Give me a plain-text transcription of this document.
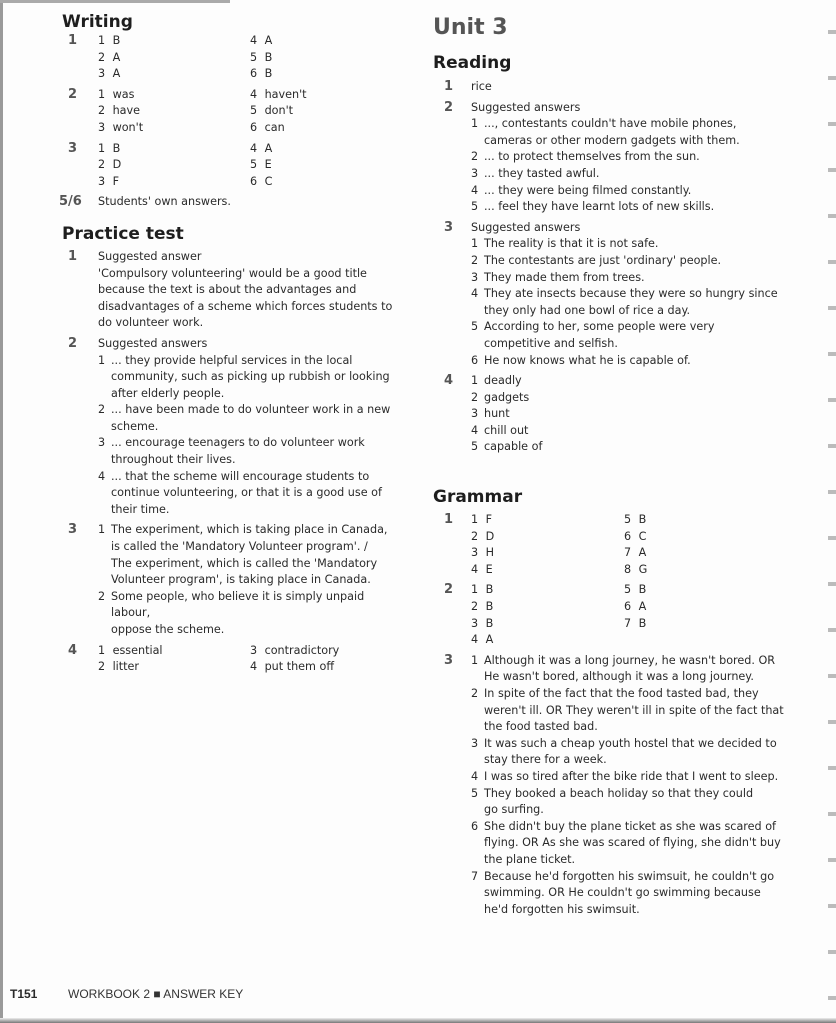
Writing
1 1 B
2 A
3 A
4 A
5 B
6 B
2 1 was
2 have
3 won't
4 haven't
5 don't
6 can
3 1 B
2 D
3 F
4 A
5 E
6 C
5/6 Students' own answers.
Practice test
1 Suggested answer
'Compulsory volunteering' would be a good title
because the text is about the advantages and
disadvantages of a scheme which forces students to
do volunteer work.
2 Suggested answers
1 ... they provide helpful services in the local
community, such as picking up rubbish or looking
after elderly people.
2 ... have been made to do volunteer work in a new
scheme.
3 ... encourage teenagers to do volunteer work
throughout their lives.
4 ... that the scheme will encourage students to
continue volunteering, or that it is a good use of
their time.
3 1 The experiment, which is taking place in Canada,
is called the 'Mandatory Volunteer program'. /
The experiment, which is called the 'Mandatory
Volunteer program', is taking place in Canada.
2 Some people, who believe it is simply unpaid labour,
oppose the scheme.
4 1 essential
2 litter
3 contradictory
4 put them off
Unit 3
Reading
1 rice
2 Suggested answers
1 ..., contestants couldn't have mobile phones,
cameras or other modern gadgets with them.
2 ... to protect themselves from the sun.
3 ... they tasted awful.
4 ... they were being filmed constantly.
5 ... feel they have learnt lots of new skills.
3 Suggested answers
1 The reality is that it is not safe.
2 The contestants are just 'ordinary' people.
3 They made them from trees.
4 They ate insects because they were so hungry since
they only had one bowl of rice a day.
5 According to her, some people were very
competitive and selfish.
6 He now knows what he is capable of.
4 1 deadly
2 gadgets
3 hunt
4 chill out
5 capable of
Grammar
1 1 F
2 D
3 H
4 E
5 B
6 C
7 A
8 G
2 1 B
2 B
3 B
4 A
5 B
6 A
7 B
3 1 Although it was a long journey, he wasn't bored. OR
He wasn't bored, although it was a long journey.
2 In spite of the fact that the food tasted bad, they
weren't ill. OR They weren't ill in spite of the fact that
the food tasted bad.
3 It was such a cheap youth hostel that we decided to
stay there for a week.
4 I was so tired after the bike ride that I went to sleep.
5 They booked a beach holiday so that they could
go surfing.
6 She didn't buy the plane ticket as she was scared of
flying. OR As she was scared of flying, she didn't buy
the plane ticket.
7 Because he'd forgotten his swimsuit, he couldn't go
swimming. OR He couldn't go swimming because
he'd forgotten his swimsuit.
T151	WORKBOOK 2 ■ ANSWER KEY
